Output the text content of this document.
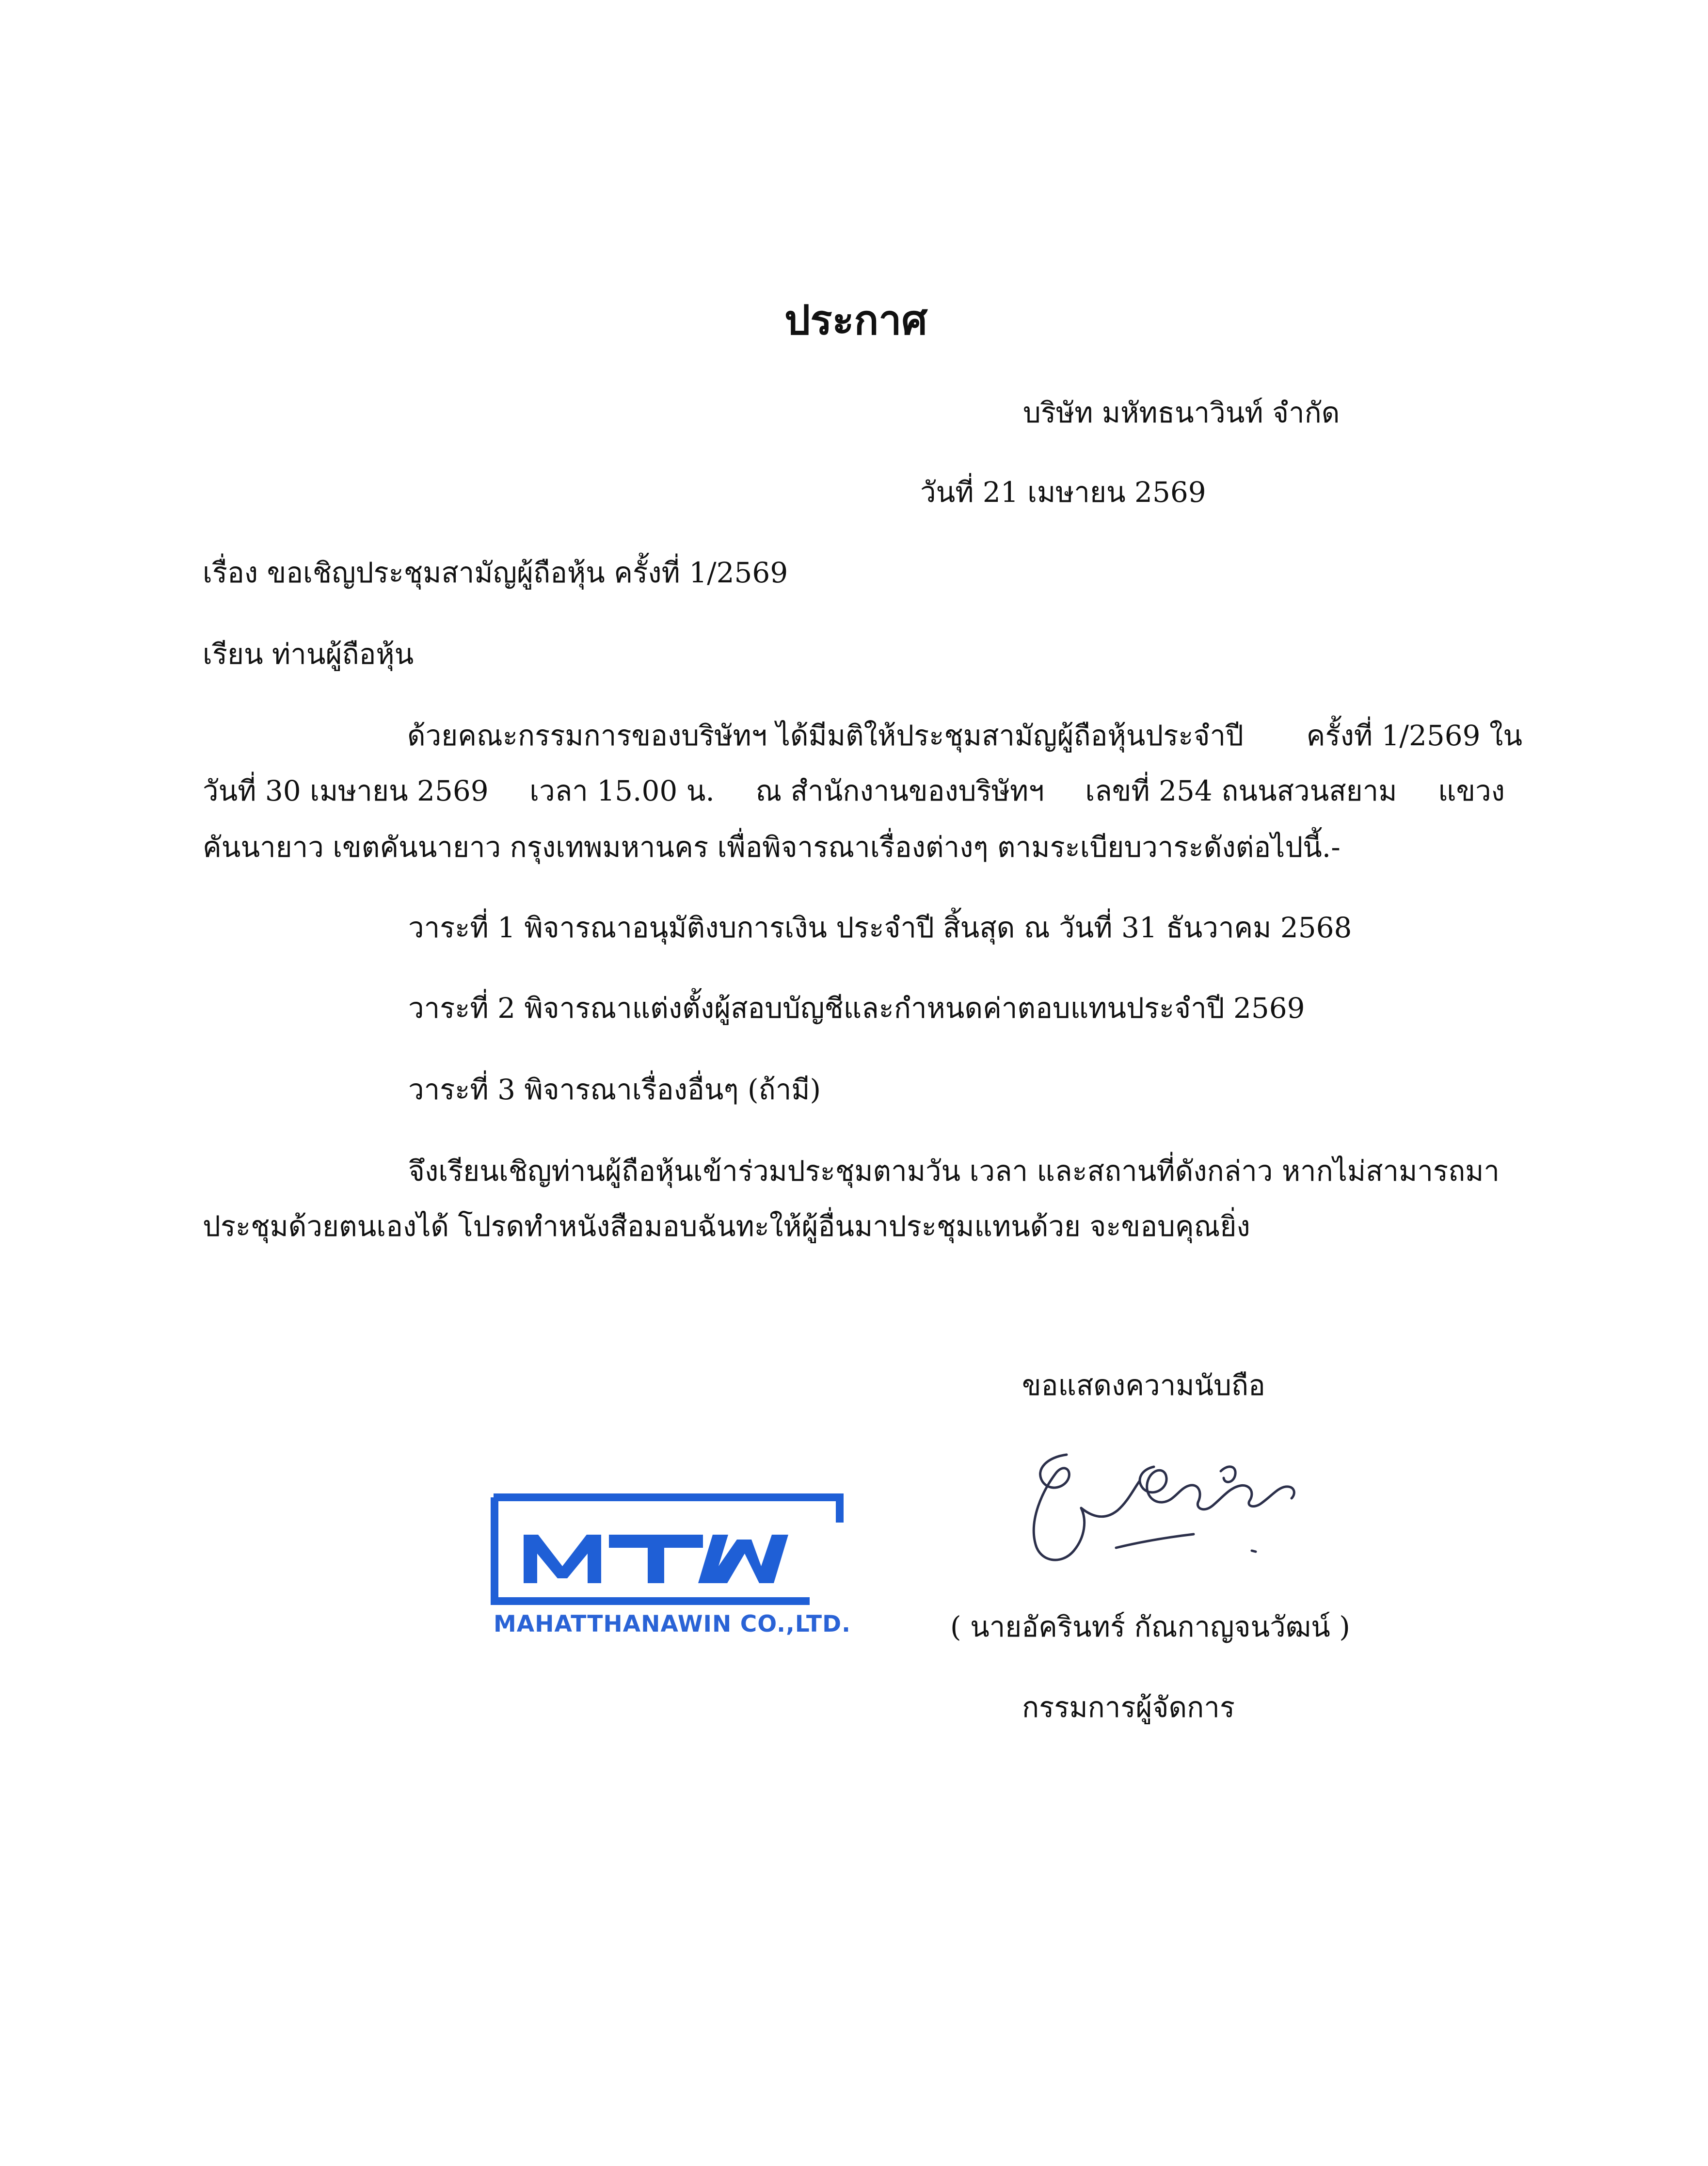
ประกาศ
บริษัท มหัทธนาวินท์ จำกัด
วันที่ 21 เมษายน 2569
เรื่อง ขอเชิญประชุมสามัญผู้ถือหุ้น ครั้งที่ 1/2569
เรียน ท่านผู้ถือหุ้น
ด้วยคณะกรรมการของบริษัทฯ ได้มีมติให้ประชุมสามัญผู้ถือหุ้นประจำปี ครั้งที่ 1/2569 ใน
วันที่ 30 เมษายน 2569 เวลา 15.00 น. ณ สำนักงานของบริษัทฯ เลขที่ 254 ถนนสวนสยาม แขวง
คันนายาว เขตคันนายาว กรุงเทพมหานคร เพื่อพิจารณาเรื่องต่างๆ ตามระเบียบวาระดังต่อไปนี้.-
วาระที่ 1 พิจารณาอนุมัติงบการเงิน ประจำปี สิ้นสุด ณ วันที่ 31 ธันวาคม 2568
วาระที่ 2 พิจารณาแต่งตั้งผู้สอบบัญชีและกำหนดค่าตอบแทนประจำปี 2569
วาระที่ 3 พิจารณาเรื่องอื่นๆ (ถ้ามี)
จึงเรียนเชิญท่านผู้ถือหุ้นเข้าร่วมประชุมตามวัน เวลา และสถานที่ดังกล่าว หากไม่สามารถมา
ประชุมด้วยตนเองได้ โปรดทำหนังสือมอบฉันทะให้ผู้อื่นมาประชุมแทนด้วย จะขอบคุณยิ่ง
ขอแสดงความนับถือ
( นายอัครินทร์ กัณกาญจนวัฒน์ )
กรรมการผู้จัดการ
MAHATTHANAWIN CO.,LTD.
